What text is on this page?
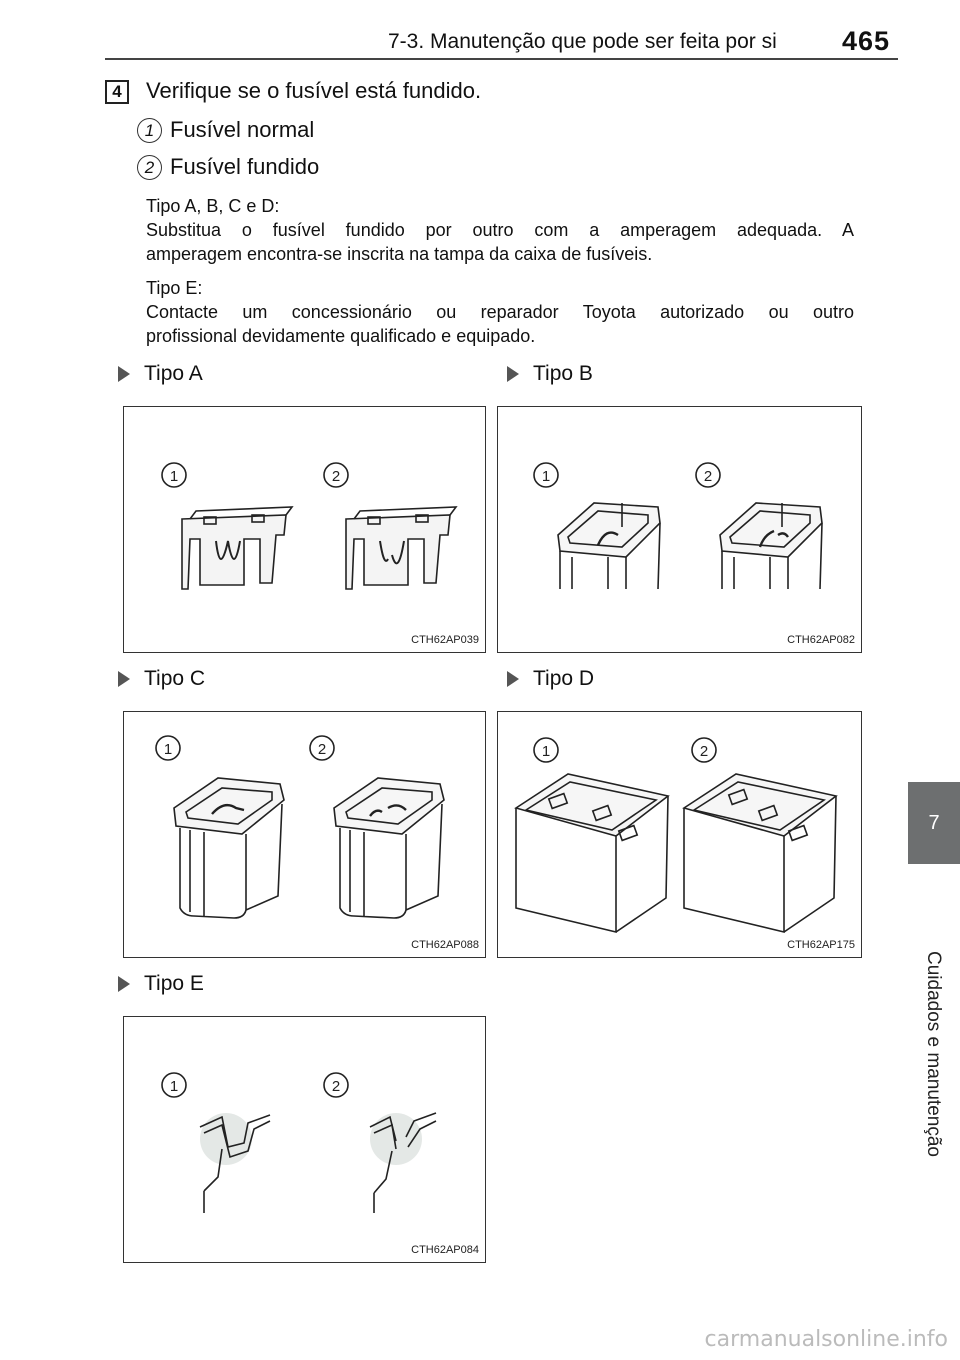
7-3. Manutenção que pode ser feita por si 465
7
Cuidados e manutenção
4	Verifique se o fusível está fundido.
1 Fusível normal
2 Fusível fundido
Tipo A, B, C e D:
Substitua o fusível fundido por outro com a amperagem adequada. A
amperagem encontra-se inscrita na tampa da caixa de fusíveis.
Tipo E:
Contacte um concessionário ou reparador Toyota autorizado ou outro
profissional devidamente qualificado e equipado.
Tipo A	Tipo B
Tipo C	Tipo D
Tipo E
1	2
CTH62AP039
1	2
CTH62AP082
1	2
CTH62AP088
1	2
CTH62AP175
1	2
CTH62AP084
carmanualsonline.info
